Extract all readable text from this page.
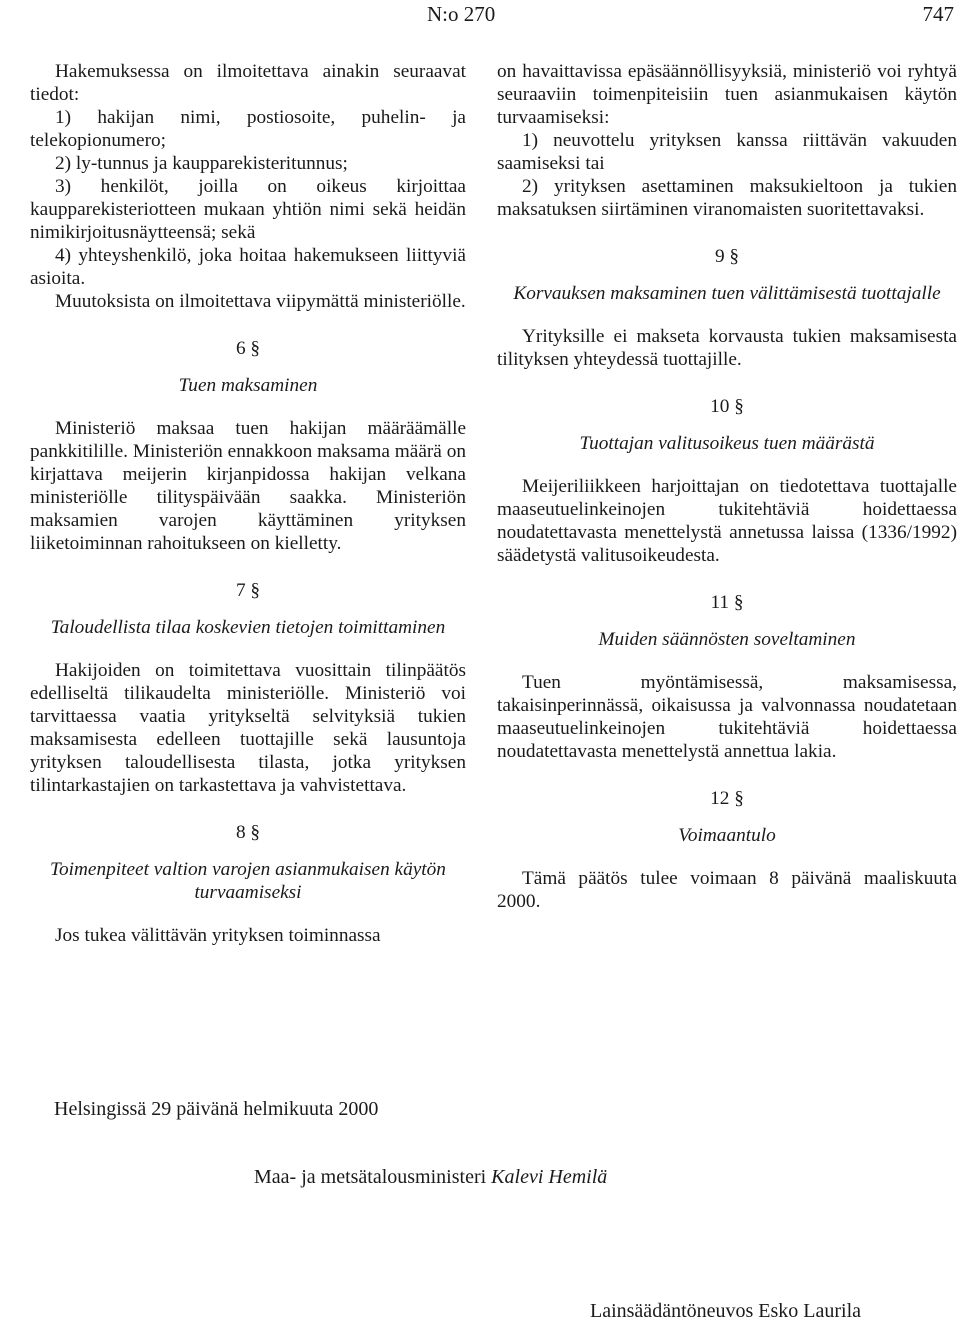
N:o 270	747

Hakemuksessa on ilmoitettava ainakin seuraavat tiedot:

1) hakijan nimi, postiosoite, puhelin- ja telekopionumero;

2) ly-tunnus ja kaupparekisteritunnus;

3) henkilöt, joilla on oikeus kirjoittaa kaupparekisteriotteen mukaan yhtiön nimi sekä heidän nimikirjoitusnäytteensä; sekä

4) yhteyshenkilö, joka hoitaa hakemukseen liittyviä asioita.

Muutoksista on ilmoitettava viipymättä ministeriölle.

6 §
Tuen maksaminen

Ministeriö maksaa tuen hakijan määräämälle pankkitilille. Ministeriön ennakkoon maksama määrä on kirjattava meijerin kirjanpidossa hakijan velkana ministeriölle tilityspäivään saakka. Ministeriön maksamien varojen käyttäminen yrityksen liiketoiminnan rahoitukseen on kielletty.

7 §
Taloudellista tilaa koskevien tietojen toimittaminen

Hakijoiden on toimitettava vuosittain tilinpäätös edelliseltä tilikaudelta ministeriölle. Ministeriö voi tarvittaessa vaatia yritykseltä selvityksiä tukien maksamisesta edelleen tuottajille sekä lausuntoja yrityksen taloudellisesta tilasta, jotka yrityksen tilintarkastajien on tarkastettava ja vahvistettava.

8 §
Toimenpiteet valtion varojen asianmukaisen käytön turvaamiseksi

Jos tukea välittävän yrityksen toiminnassa

on havaittavissa epäsäännöllisyyksiä, ministeriö voi ryhtyä seuraaviin toimenpiteisiin tuen asianmukaisen käytön turvaamiseksi:

1) neuvottelu yrityksen kanssa riittävän vakuuden saamiseksi tai

2) yrityksen asettaminen maksukieltoon ja tukien maksatuksen siirtäminen viranomaisten suoritettavaksi.

9 §
Korvauksen maksaminen tuen välittämisestä tuottajalle

Yrityksille ei makseta korvausta tukien maksamisesta tilityksen yhteydessä tuottajille.

10 §
Tuottajan valitusoikeus tuen määrästä

Meijeriliikkeen harjoittajan on tiedotettava tuottajalle maaseutuelinkeinojen tukitehtäviä hoidettaessa noudatettavasta menettelystä annetussa laissa (1336/1992) säädetystä valitusoikeudesta.

11 §
Muiden säännösten soveltaminen

Tuen myöntämisessä, maksamisessa, takaisinperinnässä, oikaisussa ja valvonnassa noudatetaan maaseutuelinkeinojen tukitehtäviä hoidettaessa noudatettavasta menettelystä annettua lakia.

12 §
Voimaantulo

Tämä päätös tulee voimaan 8 päivänä maaliskuuta 2000.

Helsingissä 29 päivänä helmikuuta 2000
Maa- ja metsätalousministeri Kalevi Hemilä
Lainsäädäntöneuvos Esko Laurila
